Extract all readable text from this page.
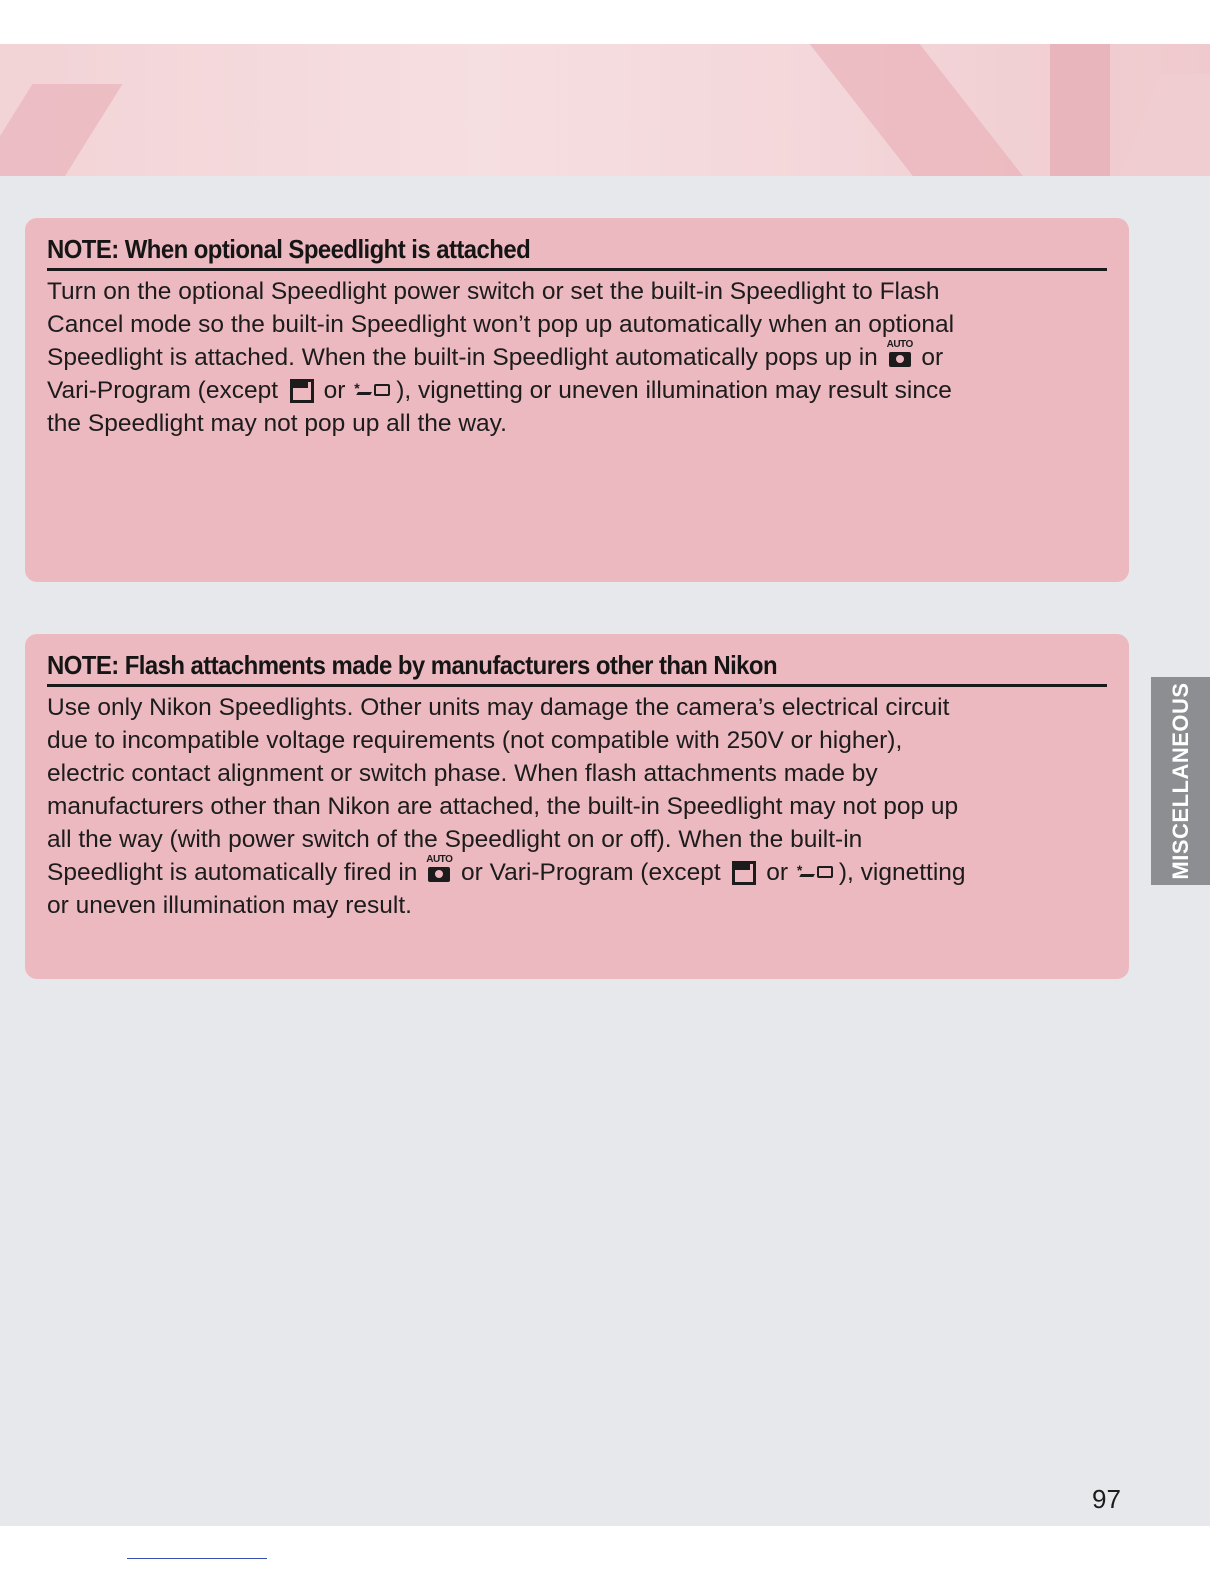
NOTE: When optional Speedlight is attached
Turn on the optional Speedlight power switch or set the built-in Speedlight to Flash
Cancel mode so the built-in Speedlight won’t pop up automatically when an optional
Speedlight is attached. When the built-in Speedlight automatically pops up in AUTO or
Vari-Program (except  or * ), vignetting or uneven illumination may result since
the Speedlight may not pop up all the way.
NOTE: Flash attachments made by manufacturers other than Nikon
Use only Nikon Speedlights. Other units may damage the camera’s electrical circuit
due to incompatible voltage requirements (not compatible with 250V or higher),
electric contact alignment or switch phase. When flash attachments made by
manufacturers other than Nikon are attached, the built-in Speedlight may not pop up
all the way (with power switch of the Speedlight on or off). When the built-in
Speedlight is automatically fired in AUTO or Vari-Program (except  or * ), vignetting
or uneven illumination may result.
MISCELLANEOUS
97
